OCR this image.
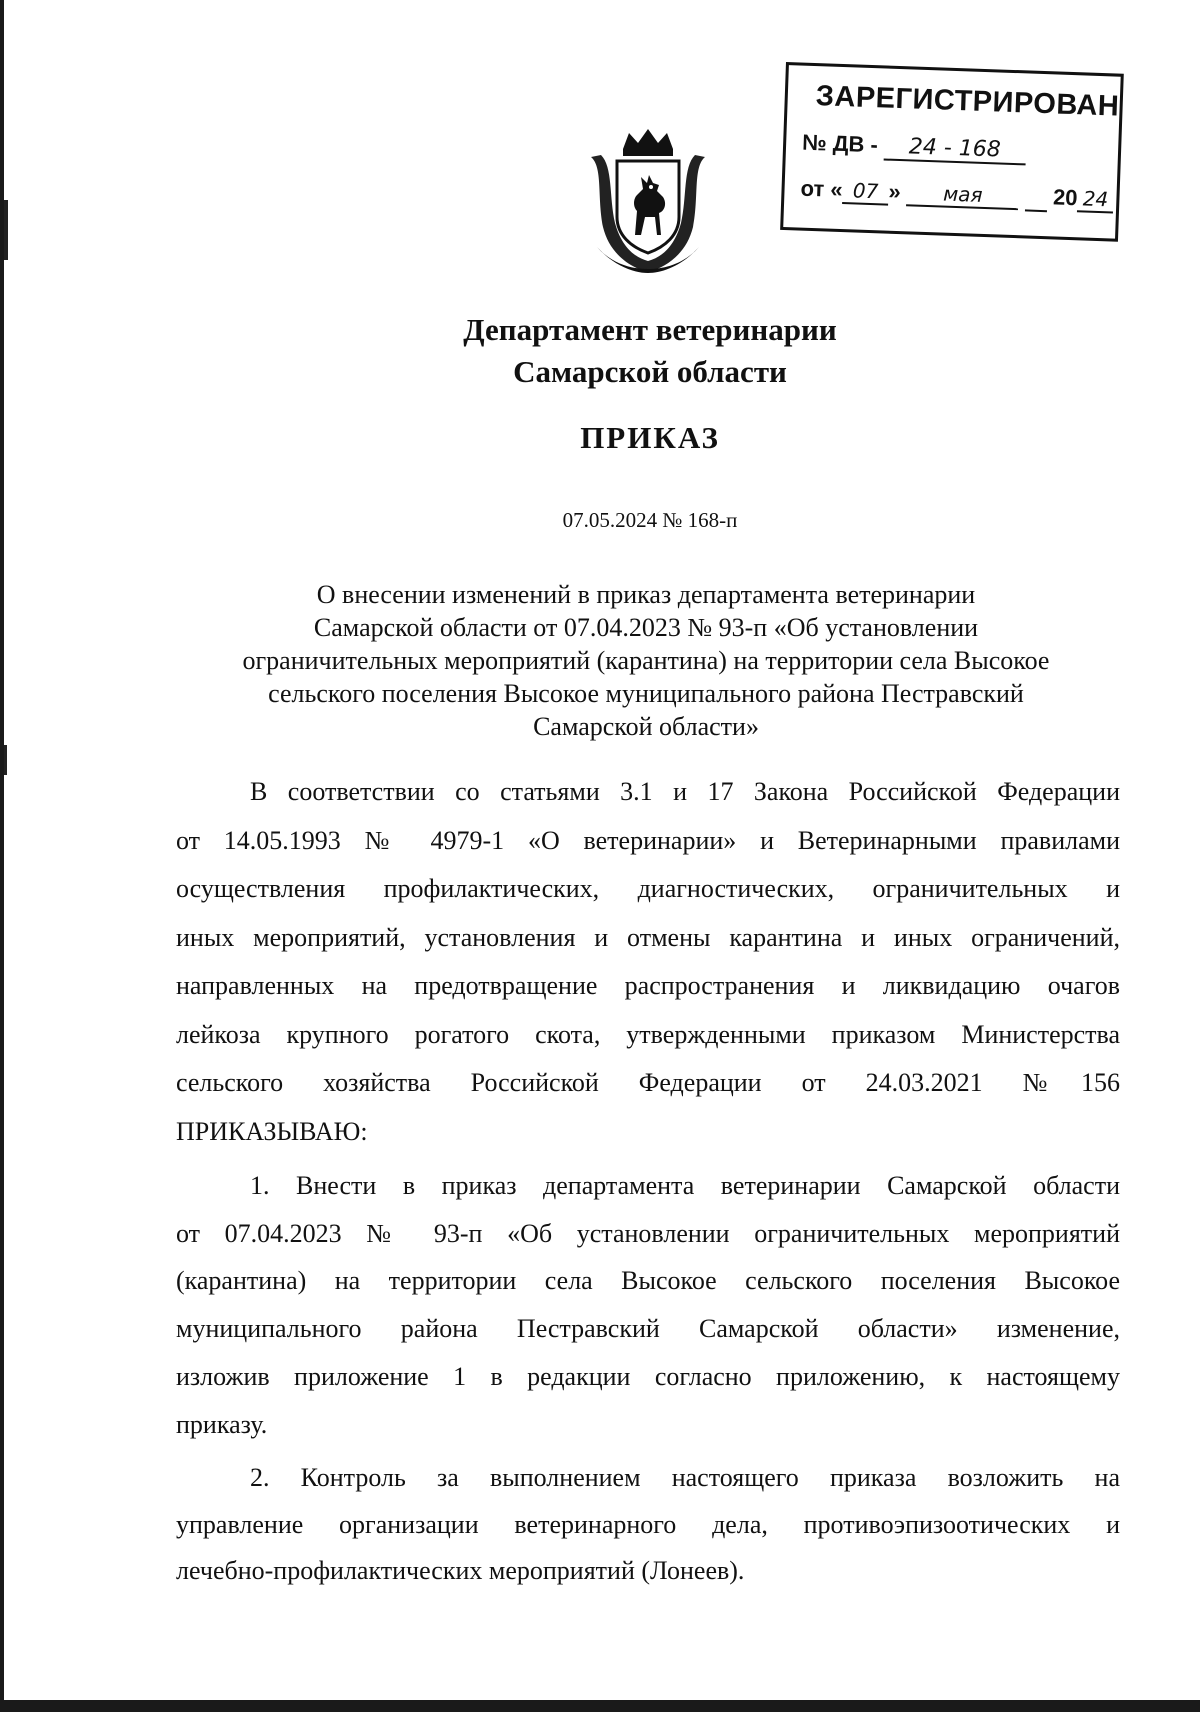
ЗАРЕГИСТРИРОВАН
№ ДВ - 24 - 168
от « 07 » мая	20 24
Департамент ветеринарии
Самарской области
ПРИКАЗ
07.05.2024 № 168-п
О внесении изменений в приказ департамента ветеринарии
Самарской области от 07.04.2023 № 93-п «Об установлении
ограничительных мероприятий (карантина) на территории села Высокое
сельского поселения Высокое муниципального района Пестравский
Самарской области»
В соответствии со статьями 3.1 и 17 Закона Российской Федерации
от 14.05.1993 № 4979-1 «О ветеринарии» и Ветеринарными правилами
осуществления профилактических, диагностических, ограничительных и
иных мероприятий, установления и отмены карантина и иных ограничений,
направленных на предотвращение распространения и ликвидацию очагов
лейкоза крупного рогатого скота, утвержденными приказом Министерства
сельского хозяйства Российской Федерации от 24.03.2021 №156
ПРИКАЗЫВАЮ:
1. Внести в приказ департамента ветеринарии Самарской области
от 07.04.2023 № 93-п «Об установлении ограничительных мероприятий
(карантина) на территории села Высокое сельского поселения Высокое
муниципального района Пестравский Самарской области» изменение,
изложив приложение 1 в редакции согласно приложению, к настоящему
приказу.
2. Контроль за выполнением настоящего приказа возложить на
управление организации ветеринарного дела, противоэпизоотических и
лечебно-профилактических мероприятий (Лонеев).
